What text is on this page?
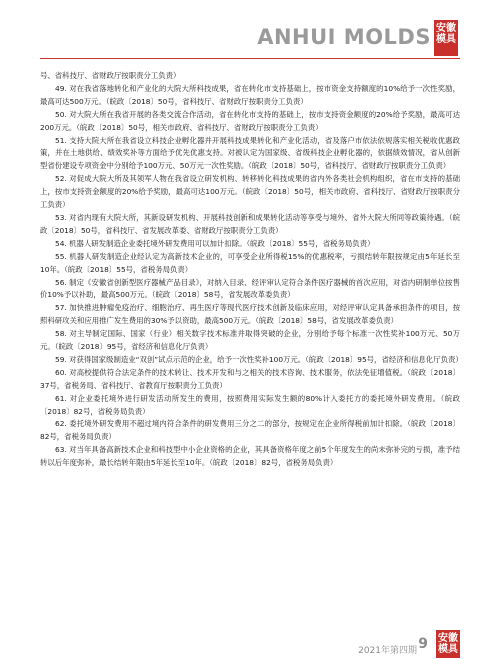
ANHUI MOLDS 安徽
模具

号、省科技厅、省财政厅按职责分工负责）

49. 对在我省落地转化和产业化的大院大所科技成果，省在转化市支持基础上，按市资金支持额度的10%给予一次性奖励，最高可达500万元。（皖政〔2018〕50号，省科技厅、省财政厅按职责分工负责）

50. 对大院大所在我省开展的各类交流合作活动，省在转化市支持的基础上，按市支持资金额度的20%给予奖励，最高可达200万元。（皖政〔2018〕50号，相关市政府、省科技厅、省财政厅按职责分工负责）

51. 支持大院大所在我省设立科技企业孵化器并开展科技成果转化和产业化活动，省及落户市依法依规落实相关税收优惠政策，并在土地供给、绩效奖补等方面给予优先优惠支持。对被认定为国家级、省级科技企业孵化器的，依据绩效情况，省从创新型省份建设专项资金中分别给予100万元、50万元一次性奖励。（皖政〔2018〕50号，省科技厅、省财政厅按职责分工负责）

52. 对促成大院大所及其领军人物在我省设立研发机构、转移转化科技成果的省内外各类社会机构组织，省在市支持的基础上，按市支持资金额度的20%给予奖励，最高可达100万元。（皖政〔2018〕50号，相关市政府、省科技厅、省财政厅按职责分工负责）

53. 对省内现有大院大所，其新设研发机构、开展科技创新和成果转化活动等享受与境外、省外大院大所同等政策待遇。（皖政〔2018〕50号，省科技厅、省发展改革委、省财政厅按职责分工负责）

54. 机器人研发制造企业委托境外研发费用可以加计扣除。（皖政〔2018〕55号，省税务局负责）

55. 机器人研发制造企业经认定为高新技术企业的，可享受企业所得税15%的优惠税率，亏损结转年限按规定由5年延长至10年。（皖政〔2018〕55号，省税务局负责）

56. 制定《安徽省创新型医疗器械产品目录》，对纳入目录、经评审认定符合条件医疗器械的首次应用，对省内研制单位按售价10%予以补助，最高500万元。（皖政〔2018〕58号，省发展改革委负责）

57. 加快推进肿瘤免疫治疗、细胞治疗、再生医疗等现代医疗技术创新及临床应用，对经评审认定具备承担条件的项目，按照科研攻关和应用推广发生费用的30%予以资助，最高500万元。（皖政〔2018〕58号，省发展改革委负责）

58. 对主导制定国际、国家（行业）相关数字技术标准并取得突破的企业，分别给予每个标准一次性奖补100万元、50万元。（皖政〔2018〕95号，省经济和信息化厅负责）

59. 对获得国家级制造业“双创”试点示范的企业，给予一次性奖补100万元。（皖政〔2018〕95号，省经济和信息化厅负责）

60. 对高校提供符合法定条件的技术转让、技术开发和与之相关的技术咨询、技术服务，依法免征增值税。（皖政〔2018〕37号，省税务局、省科技厅、省教育厅按职责分工负责）

61. 对企业委托境外进行研发活动所发生的费用，按照费用实际发生额的80%计入委托方的委托境外研发费用。（皖政〔2018〕82号，省税务局负责）

62. 委托境外研发费用不超过境内符合条件的研发费用三分之二的部分，按规定在企业所得税前加计扣除。（皖政〔2018〕82号，省税务局负责）

63. 对当年具备高新技术企业和科技型中小企业资格的企业，其具备资格年度之前5个年度发生的尚未弥补完的亏损，准予结转以后年度弥补，最长结转年限由5年延长至10年。（皖政〔2018〕82号，省税务局负责）

2021年第四期 9 安徽
模具
